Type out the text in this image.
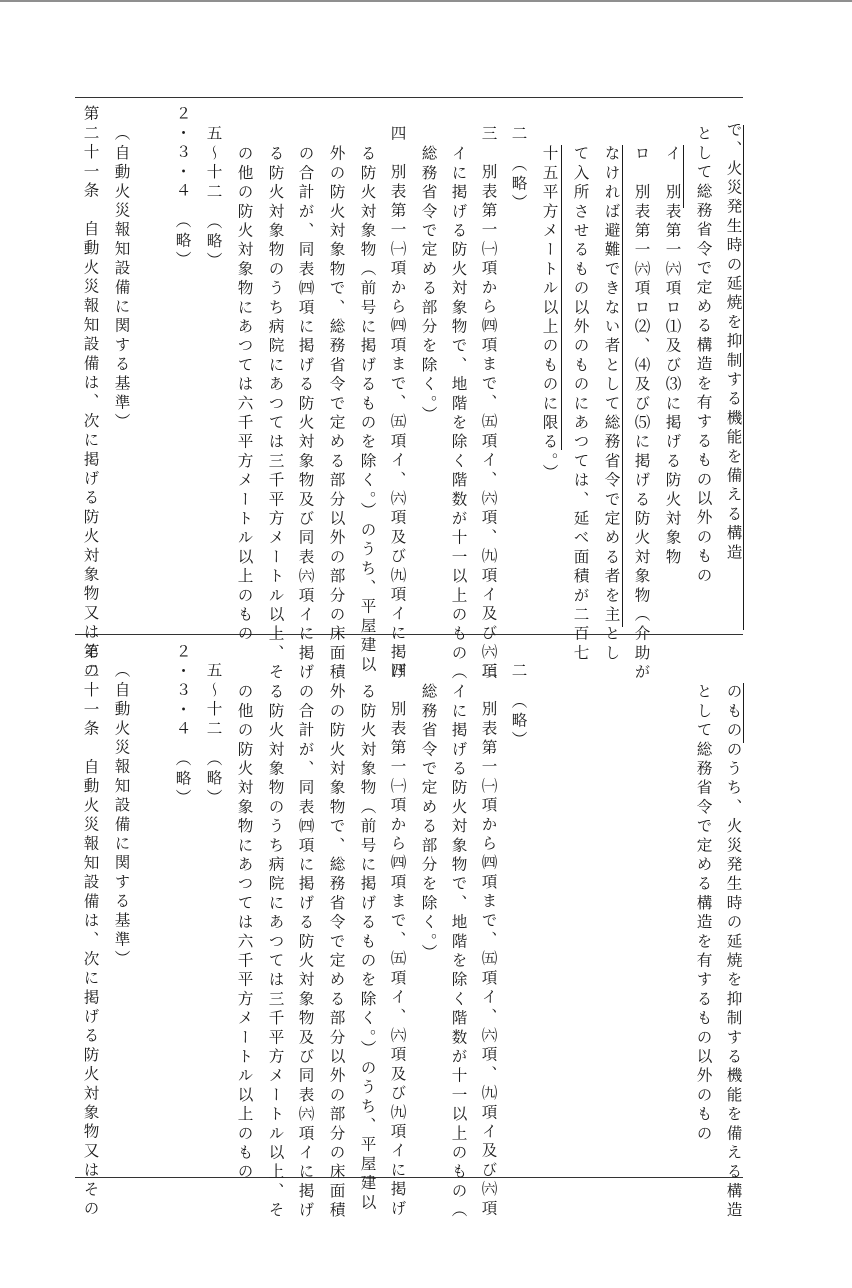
　で、火災発生時の延焼を抑制する機能を備える構造
として総務省令で定める構造を有するもの以外のもの
イ　別表第一㈥項ロ⑴及び⑶に掲げる防火対象物
ロ　別表第一㈥項ロ⑵、⑷及び⑸に掲げる防火対象物（介助が
なければ避難できない者として総務省令で定める者を主とし
て入所させるもの以外のものにあつては、延べ面積が二百七
十五平方メートル以上のものに限る。）
二　（略）
三　別表第一㈠項から㈣項まで、㈤項イ、㈥項、㈨項イ及び㈥項
イに掲げる防火対象物で、地階を除く階数が十一以上のもの（
総務省令で定める部分を除く。）
四　別表第一㈠項から㈣項まで、㈤項イ、㈥項及び㈨項イに掲げ
る防火対象物（前号に掲げるものを除く。）のうち、平屋建以
外の防火対象物で、総務省令で定める部分以外の部分の床面積
の合計が、同表㈣項に掲げる防火対象物及び同表㈥項イに掲げ
る防火対象物のうち病院にあつては三千平方メートル以上、そ
の他の防火対象物にあつては六千平方メートル以上のもの
五～十二　（略）
２・３・４　（略）
（自動火災報知設備に関する基準）
第二十一条　自動火災報知設備は、次に掲げる防火対象物又はその
のもののうち、火災発生時の延焼を抑制する機能を備える構造
として総務省令で定める構造を有するもの以外のもの
二　（略）
三　別表第一㈠項から㈣項まで、㈤項イ、㈥項、㈨項イ及び㈥項
イに掲げる防火対象物で、地階を除く階数が十一以上のもの（
総務省令で定める部分を除く。）
四　別表第一㈠項から㈣項まで、㈤項イ、㈥項及び㈨項イに掲げ
る防火対象物（前号に掲げるものを除く。）のうち、平屋建以
外の防火対象物で、総務省令で定める部分以外の部分の床面積
の合計が、同表㈣項に掲げる防火対象物及び同表㈥項イに掲げ
る防火対象物のうち病院にあつては三千平方メートル以上、そ
の他の防火対象物にあつては六千平方メートル以上のもの
五～十二　（略）
２・３・４　（略）
（自動火災報知設備に関する基準）
第二十一条　自動火災報知設備は、次に掲げる防火対象物又はその
